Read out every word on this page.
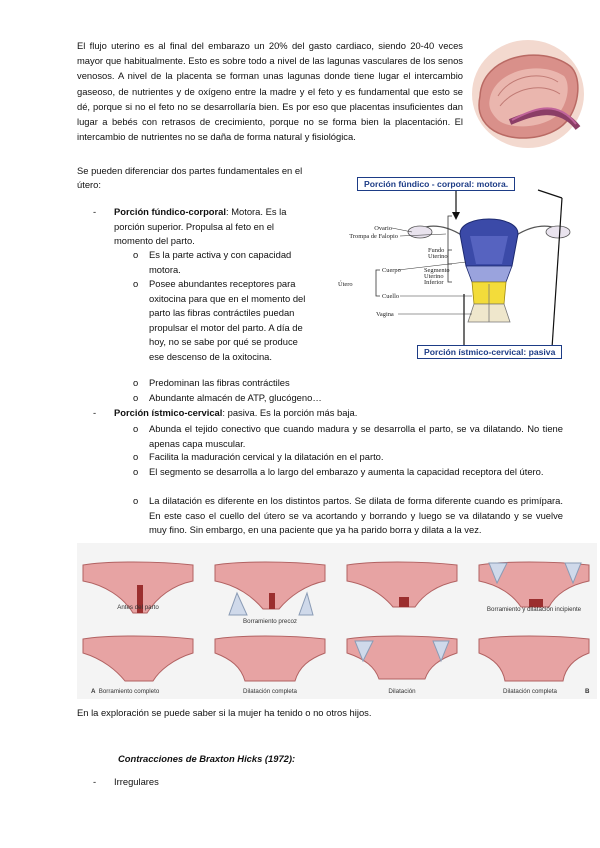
El flujo uterino es al final del embarazo un 20% del gasto cardiaco, siendo 20-40 veces mayor que habitualmente. Esto es sobre todo a nivel de las lagunas vasculares de los senos venosos. A nivel de la placenta se forman unas lagunas donde tiene lugar el intercambio gaseoso, de nutrientes y de oxígeno entre la madre y el feto y es fundamental que esto se dé, porque si no el feto no se desarrollaría bien. Es por eso que placentas insuficientes dan lugar a bebés con retrasos de crecimiento, porque no se forma bien la placentación. El intercambio de nutrientes no se daña de forma natural y fisiológica.
Se pueden diferenciar dos partes fundamentales en el útero:
- Porción fúndico-corporal: Motora. Es la porción superior. Propulsa al feto en el momento del parto.
o Es la parte activa y con capacidad motora.
o Posee abundantes receptores para oxitocina para que en el momento del parto las fibras contráctiles puedan propulsar el motor del parto. A día de hoy, no se sabe por qué se produce ese descenso de la oxitocina.
o Predominan las fibras contráctiles
o Abundante almacén de ATP, glucógeno…
- Porción ístmico-cervical: pasiva. Es la porción más baja.
o Abunda el tejido conectivo que cuando madura y se desarrolla el parto, se va dilatando. No tiene apenas capa muscular.
o Facilita la maduración cervical y la dilatación en el parto.
o El segmento se desarrolla a lo largo del embarazo y aumenta la capacidad receptora del útero.
o La dilatación es diferente en los distintos partos. Se dilata de forma diferente cuando es primípara. En este caso el cuello del útero se va acortando y borrando y luego se va dilatando y se vuelve muy fino. Sin embargo, en una paciente que ya ha parido borra y dilata a la vez.
Ovario
Trompa de Falopio
Fundo
Uterino
Cuerpo	Segmento
Uterino
Inferior
Útero
Cuello
Vagina
Porción fúndico - corporal: motora.
Porción ístmico-cervical: pasiva
Antes del parto
Borramiento precoz
Borramiento y dilatación incipiente
Borramiento completo	Dilatación completa	Dilatación	Dilatación completa
A	B
En la exploración se puede saber si la mujer ha tenido o no otros hijos.
Contracciones de Braxton Hicks (1972):
- Irregulares
